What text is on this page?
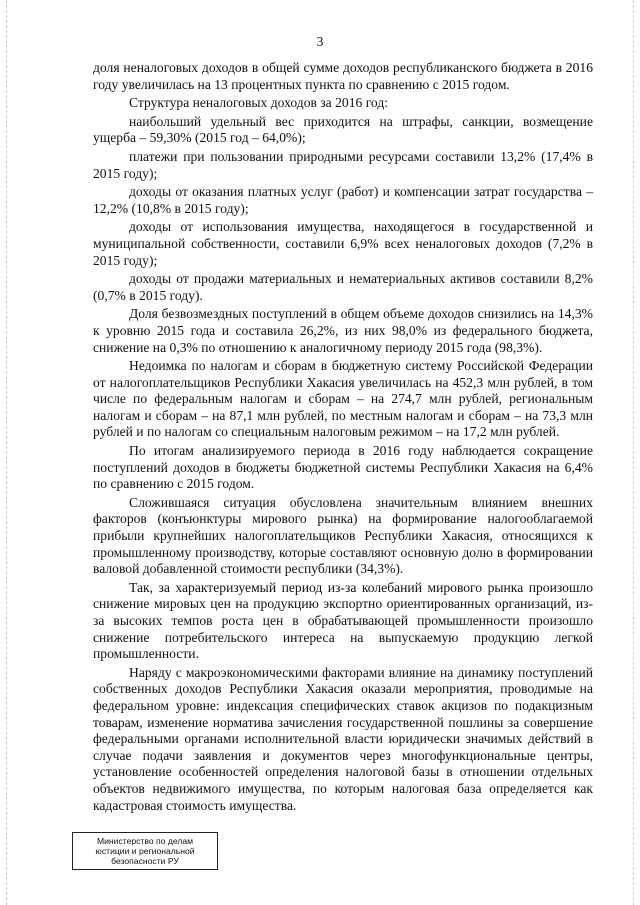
3

доля неналоговых доходов в общей сумме доходов республиканского бюджета в 2016 году увеличилась на 13 процентных пункта по сравнению с 2015 годом.

Структура неналоговых доходов за 2016 год:

наибольший удельный вес приходится на штрафы, санкции, возмещение ущерба – 59,30% (2015 год – 64,0%);

платежи при пользовании природными ресурсами составили 13,2% (17,4% в 2015 году);

доходы от оказания платных услуг (работ) и компенсации затрат государства – 12,2% (10,8% в 2015 году);

доходы от использования имущества, находящегося в государственной и муниципальной собственности, составили 6,9% всех неналоговых доходов (7,2% в 2015 году);

доходы от продажи материальных и нематериальных активов составили 8,2% (0,7% в 2015 году).

Доля безвозмездных поступлений в общем объеме доходов снизились на 14,3% к уровню 2015 года и составила 26,2%, из них 98,0% из федерального бюджета, снижение на 0,3% по отношению к аналогичному периоду 2015 года (98,3%).

Недоимка по налогам и сборам в бюджетную систему Российской Федерации от налогоплательщиков Республики Хакасия увеличилась на 452,3 млн рублей, в том числе по федеральным налогам и сборам – на 274,7 млн рублей, региональным налогам и сборам – на 87,1 млн рублей, по местным налогам и сборам – на 73,3 млн рублей и по налогам со специальным налоговым режимом – на 17,2 млн рублей.

По итогам анализируемого периода в 2016 году наблюдается сокращение поступлений доходов в бюджеты бюджетной системы Республики Хакасия на 6,4% по сравнению с 2015 годом.

Сложившаяся ситуация обусловлена значительным влиянием внешних факторов (конъюнктуры мирового рынка) на формирование налогооблагаемой прибыли крупнейших налогоплательщиков Республики Хакасия, относящихся к промышленному производству, которые составляют основную долю в формировании валовой добавленной стоимости республики (34,3%).

Так, за характеризуемый период из-за колебаний мирового рынка произошло снижение мировых цен на продукцию экспортно ориентированных организаций, из-за высоких темпов роста цен в обрабатывающей промышленности произошло снижение потребительского интереса на выпускаемую продукцию легкой промышленности.

Наряду с макроэкономическими факторами влияние на динамику поступлений собственных доходов Республики Хакасия оказали мероприятия, проводимые на федеральном уровне: индексация специфических ставок акцизов по подакцизным товарам, изменение норматива зачисления государственной пошлины за совершение федеральными органами исполнительной власти юридически значимых действий в случае подачи заявления и документов через многофункциональные центры, установление особенностей определения налоговой базы в отношении отдельных объектов недвижимого имущества, по которым налоговая база определяется как кадастровая стоимость имущества.

Министерство по делам
юстиции и региональной
безопасности РУ
